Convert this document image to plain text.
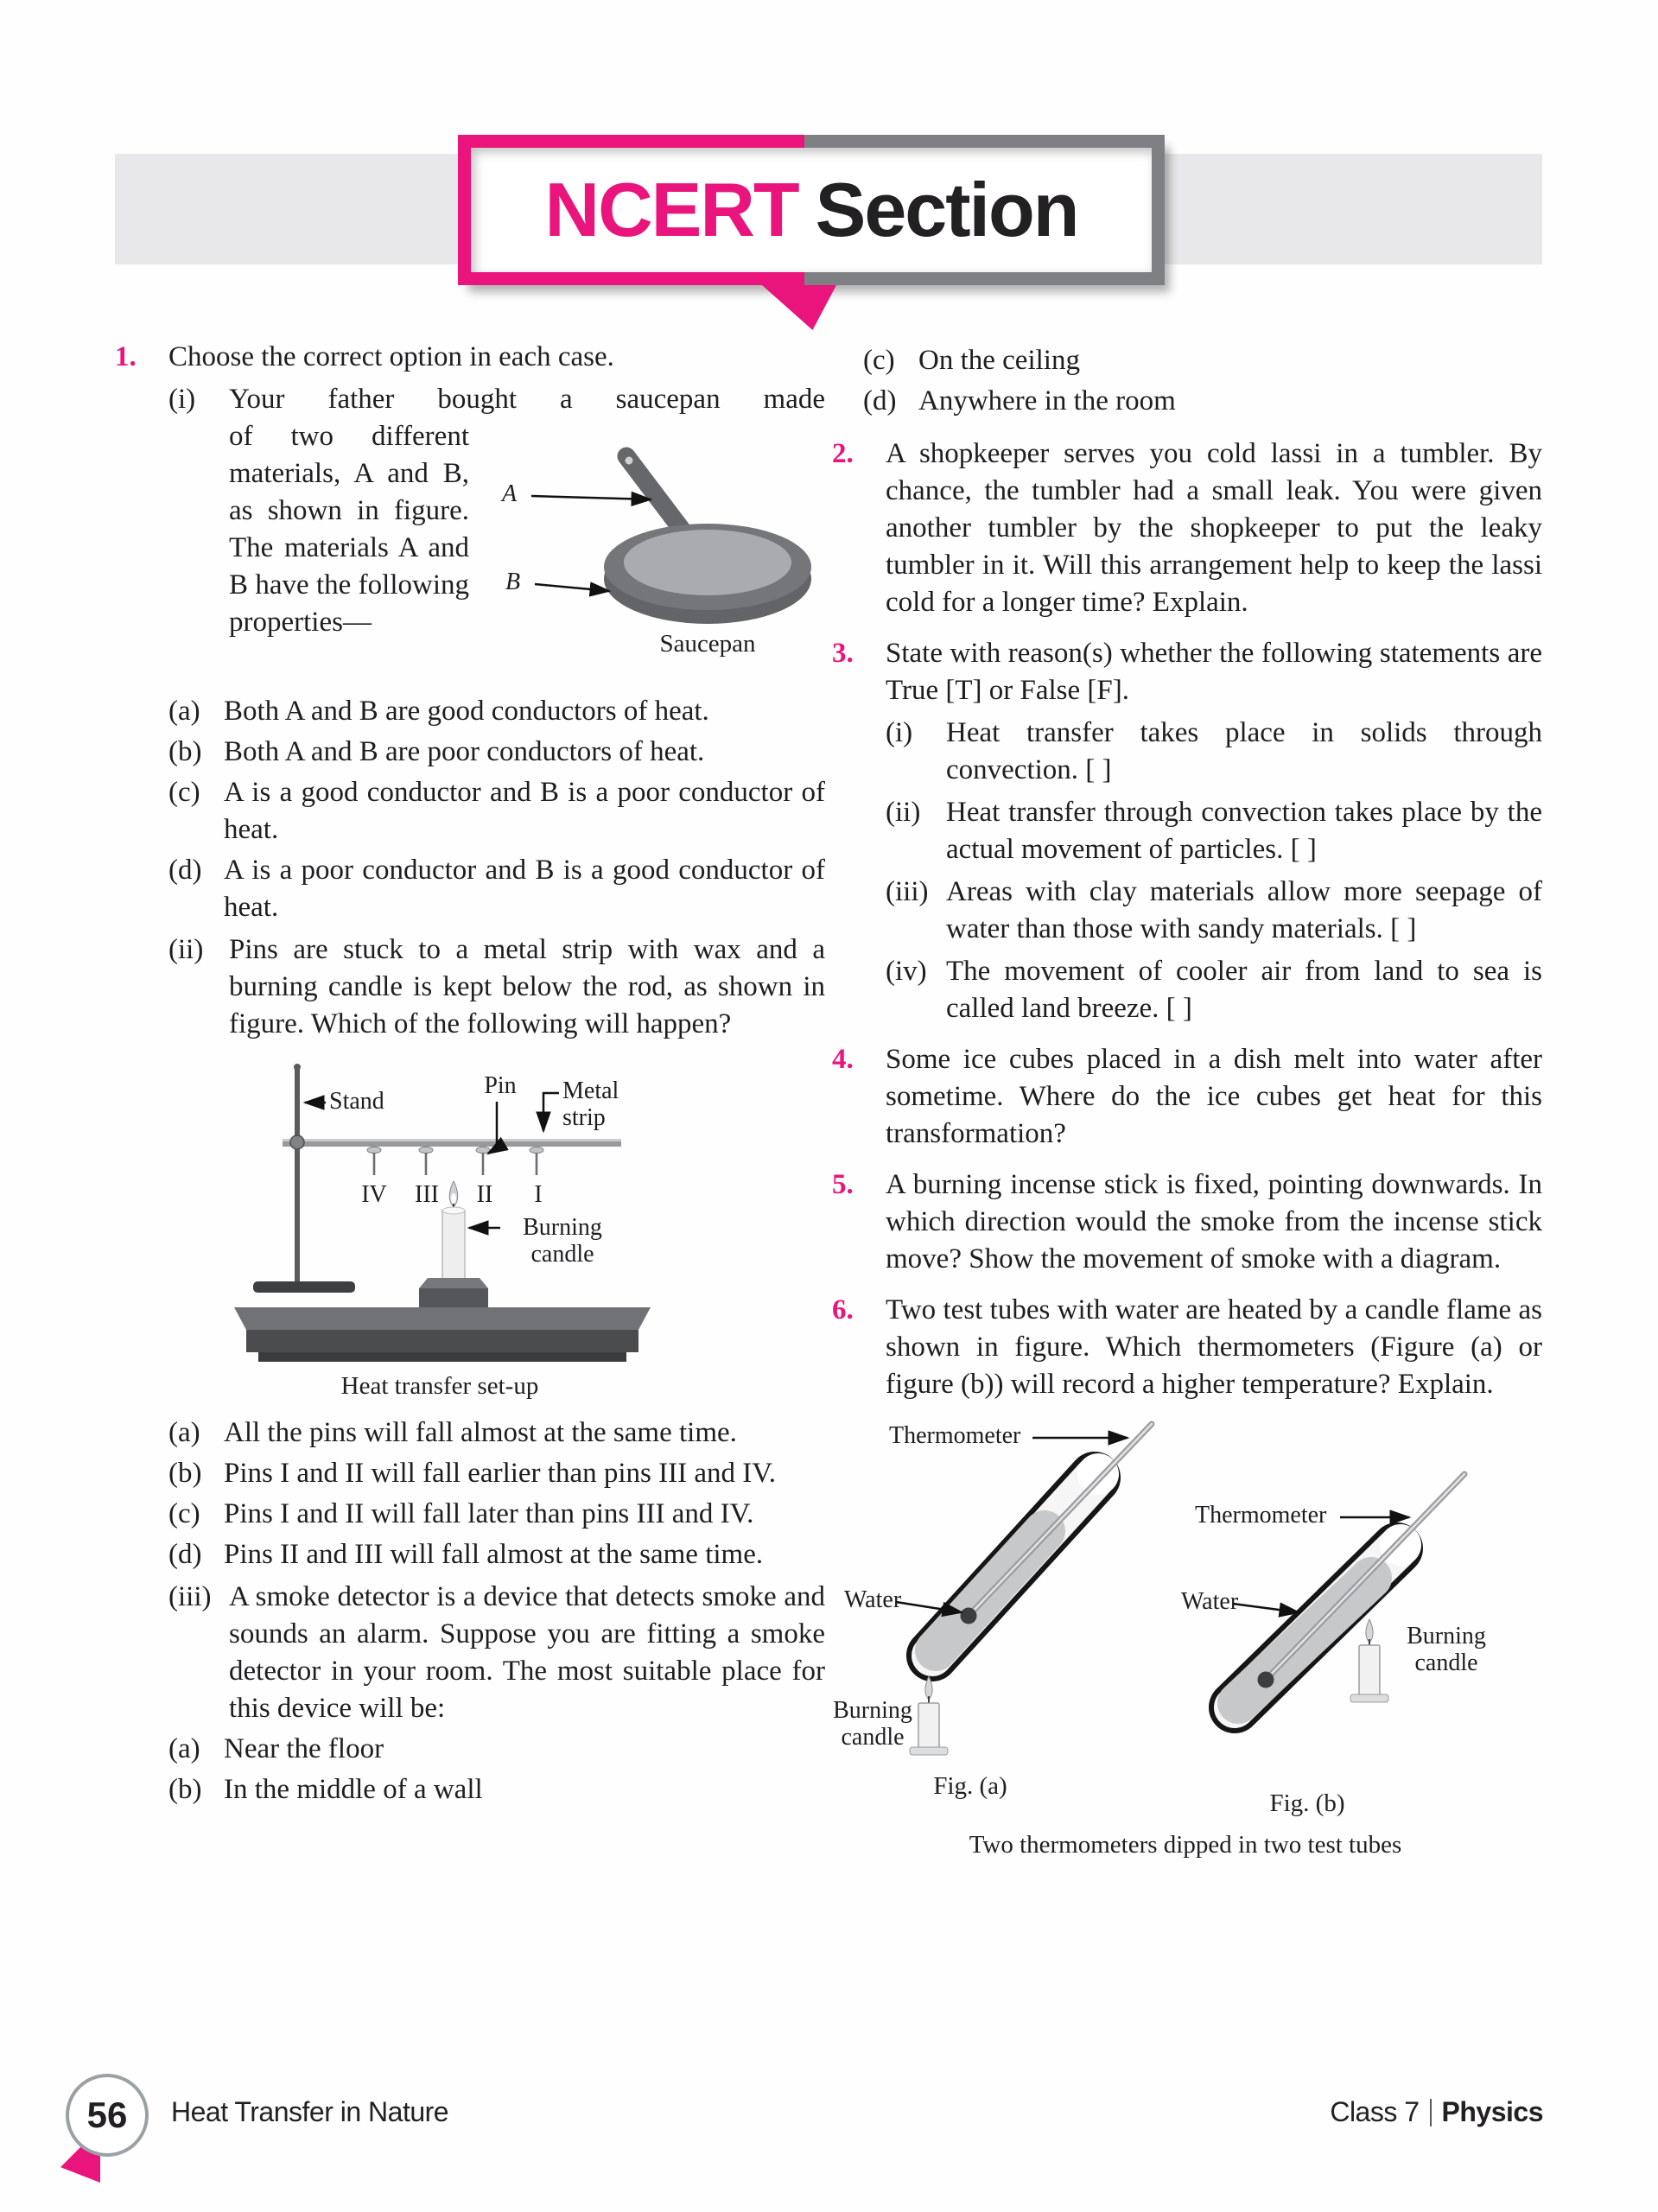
NCERT Section
1.	Choose the correct option in each case.
(i)	Your father bought a saucepan made
A
B
Saucepan
of two different materials, A and B, as shown in figure. The materials A and B have the following properties—
(a) Both A and B are good conductors of heat.
(b) Both A and B are poor conductors of heat.
(c) A is a good conductor and B is a poor conductor of heat.
(d) A is a poor conductor and B is a good conductor of heat.
(ii) Pins are stuck to a metal strip with wax and a burning candle is kept below the rod, as shown in figure. Which of the following will happen?
Pin
Stand	Metal strip
IV III	II	I
Burning candle
Heat transfer set-up
(a) All the pins will fall almost at the same time.
(b) Pins I and II will fall earlier than pins III and IV.
(c) Pins I and II will fall later than pins III and IV.
(d) Pins II and III will fall almost at the same time.
(iii) A smoke detector is a device that detects smoke and sounds an alarm. Suppose you are fitting a smoke detector in your room. The most suitable place for this device will be:
(a) Near the floor
(b) In the middle of a wall
(c) On the ceiling
(d) Anywhere in the room
2.	A shopkeeper serves you cold lassi in a tumbler. By chance, the tumbler had a small leak. You were given another tumbler by the shopkeeper to put the leaky tumbler in it. Will this arrangement help to keep the lassi cold for a longer time? Explain.
3.	State with reason(s) whether the following statements are True [T] or False [F].
(i)	Heat transfer takes place in solids through convection. [ ]
(ii) Heat transfer through convection takes place by the actual movement of particles. [ ]
(iii) Areas with clay materials allow more seepage of water than those with sandy materials. [ ]
(iv) The movement of cooler air from land to sea is called land breeze. [ ]
4.	Some ice cubes placed in a dish melt into water after sometime. Where do the ice cubes get heat for this transformation?
5.	A burning incense stick is fixed, pointing downwards. In which direction would the smoke from the incense stick move? Show the movement of smoke with a diagram.
6.	Two test tubes with water are heated by a candle flame as shown in figure. Which thermometers (Figure (a) or figure (b)) will record a higher temperature? Explain.
Thermometer
Water
Burning candle
Thermometer
Water
Burning candle
Fig. (a)
Fig. (b)
Two thermometers dipped in two test tubes
56	Heat Transfer in Nature	Class 7 Physics
